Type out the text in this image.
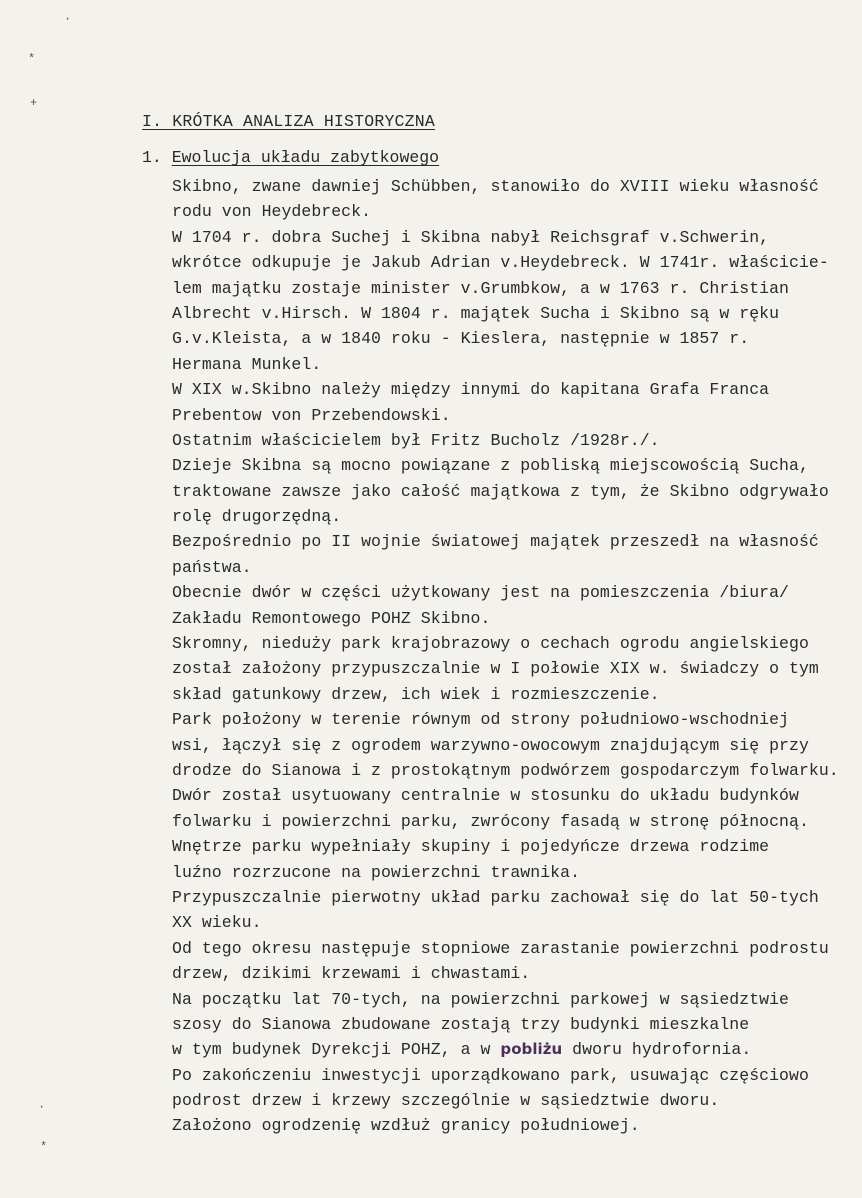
·
*
+
·
*
I. KRÓTKA ANALIZA HISTORYCZNA
1. Ewolucja układu zabytkowego
Skibno, zwane dawniej Schübben, stanowiło do XVIII wieku własność
rodu von Heydebreck.
W 1704 r. dobra Suchej i Skibna nabył Reichsgraf v.Schwerin,
wkrótce odkupuje je Jakub Adrian v.Heydebreck. W 1741r. właściciе-
lem majątku zostaje minister v.Grumbkow, a w 1763 r. Christian
Albrecht v.Hirsch. W 1804 r. majątek Sucha i Skibno są w ręku
G.v.Kleista, a w 1840 roku - Kieslera, następnie w 1857 r.
Hermana Munkel.
W XIX w.Skibno należy między innymi do kapitana Grafa Franca
Prebentow von Przebendowski.
Ostatnim właścicielem był Fritz Bucholz /1928r./.
Dzieje Skibna są mocno powiązane z pobliską miejscowością Sucha,
traktowane zawsze jako całość majątkowa z tym, że Skibno odgrywało
rolę drugorzędną.
Bezpośrednio po II wojnie światowej majątek przeszedł na własność
państwa.
Obecnie dwór w części użytkowany jest na pomieszczenia /biura/
Zakładu Remontowego POHZ Skibno.
Skromny, nieduży park krajobrazowy o cechach ogrodu angielskiego
został założony przypuszczalnie w I połowie XIX w. świadczy o tym
skład gatunkowy drzew, ich wiek i rozmieszczenie.
Park położony w terenie równym od strony południowo-wschodniej
wsi, łączył się z ogrodem warzywno-owocowym znajdującym się przy
drodze do Sianowa i z prostokątnym podwórzem gospodarczym folwarku.
Dwór został usytuowany centralnie w stosunku do układu budynków
folwarku i powierzchni parku, zwrócony fasadą w stronę północną.
Wnętrze parku wypełniały skupiny i pojedyńcze drzewa rodzime
luźno rozrzucone na powierzchni trawnika.
Przypuszczalnie pierwotny układ parku zachował się do lat 50-tych
XX wieku.
Od tego okresu następuje stopniowe zarastanie powierzchni podrostu
drzew, dzikimi krzewami i chwastami.
Na początku lat 70-tych, na powierzchni parkowej w sąsiedztwie
szosy do Sianowa zbudowane zostają trzy budynki mieszkalne
w tym budynek Dyrekcji POHZ, a w pobliżu dworu hydrofornia.
Po zakończeniu inwestycji uporządkowano park, usuwając częściowo
podrost drzew i krzewy szczególnie w sąsiedztwie dworu.
Założono ogrodzenię wzdłuż granicy południowej.
